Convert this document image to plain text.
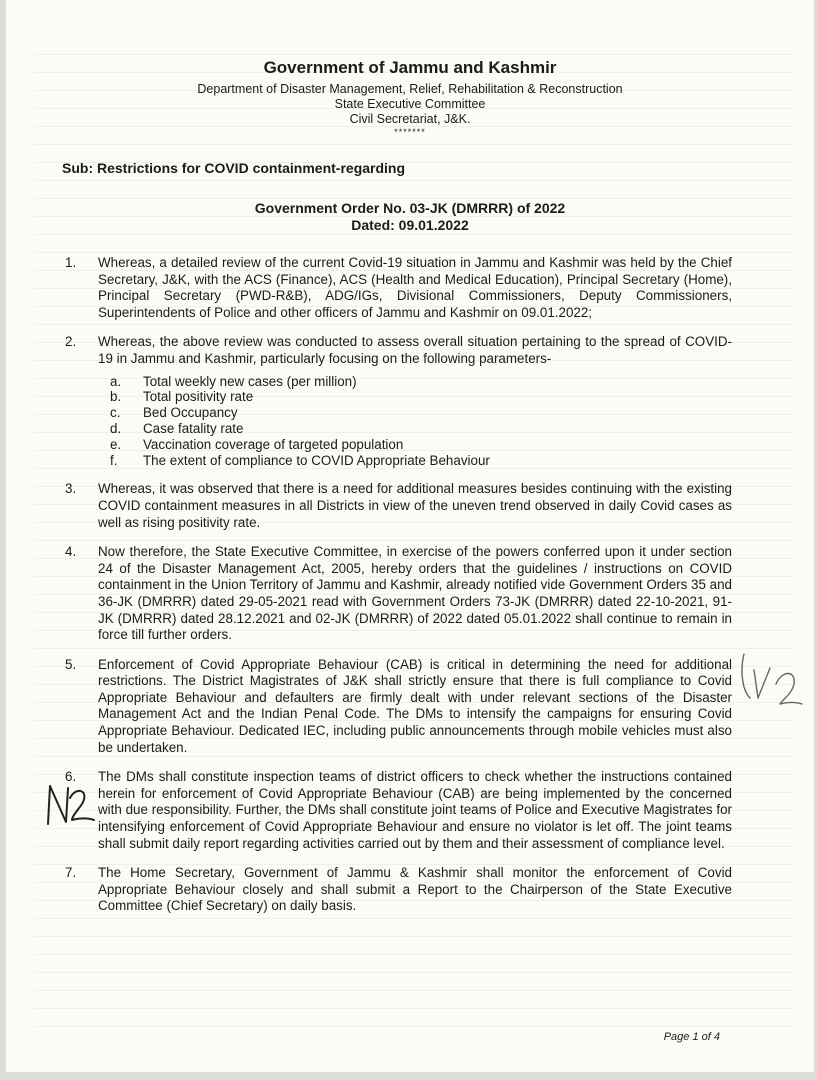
Government of Jammu and Kashmir
Department of Disaster Management, Relief, Rehabilitation & Reconstruction
State Executive Committee
Civil Secretariat, J&K.
*******
Sub: Restrictions for COVID containment-regarding
Government Order No. 03-JK (DMRRR) of 2022
Dated: 09.01.2022
1. Whereas, a detailed review of the current Covid-19 situation in Jammu and Kashmir was held by the Chief Secretary, J&K, with the ACS (Finance), ACS (Health and Medical Education), Principal Secretary (Home), Principal Secretary (PWD-R&B), ADG/IGs, Divisional Commissioners, Deputy Commissioners, Superintendents of Police and other officers of Jammu and Kashmir on 09.01.2022;
2. Whereas, the above review was conducted to assess overall situation pertaining to the spread of COVID-19 in Jammu and Kashmir, particularly focusing on the following parameters-
a. Total weekly new cases (per million)
b. Total positivity rate
c. Bed Occupancy
d. Case fatality rate
e. Vaccination coverage of targeted population
f. The extent of compliance to COVID Appropriate Behaviour
3. Whereas, it was observed that there is a need for additional measures besides continuing with the existing COVID containment measures in all Districts in view of the uneven trend observed in daily Covid cases as well as rising positivity rate.
4. Now therefore, the State Executive Committee, in exercise of the powers conferred upon it under section 24 of the Disaster Management Act, 2005, hereby orders that the guidelines / instructions on COVID containment in the Union Territory of Jammu and Kashmir, already notified vide Government Orders 35 and 36-JK (DMRRR) dated 29-05-2021 read with Government Orders 73-JK (DMRRR) dated 22-10-2021, 91-JK (DMRRR) dated 28.12.2021 and 02-JK (DMRRR) of 2022 dated 05.01.2022 shall continue to remain in force till further orders.
5. Enforcement of Covid Appropriate Behaviour (CAB) is critical in determining the need for additional restrictions. The District Magistrates of J&K shall strictly ensure that there is full compliance to Covid Appropriate Behaviour and defaulters are firmly dealt with under relevant sections of the Disaster Management Act and the Indian Penal Code. The DMs to intensify the campaigns for ensuring Covid Appropriate Behaviour. Dedicated IEC, including public announcements through mobile vehicles must also be undertaken.
6. The DMs shall constitute inspection teams of district officers to check whether the instructions contained herein for enforcement of Covid Appropriate Behaviour (CAB) are being implemented by the concerned with due responsibility. Further, the DMs shall constitute joint teams of Police and Executive Magistrates for intensifying enforcement of Covid Appropriate Behaviour and ensure no violator is let off. The joint teams shall submit daily report regarding activities carried out by them and their assessment of compliance level.
7. The Home Secretary, Government of Jammu & Kashmir shall monitor the enforcement of Covid Appropriate Behaviour closely and shall submit a Report to the Chairperson of the State Executive Committee (Chief Secretary) on daily basis.
Page 1 of 4
